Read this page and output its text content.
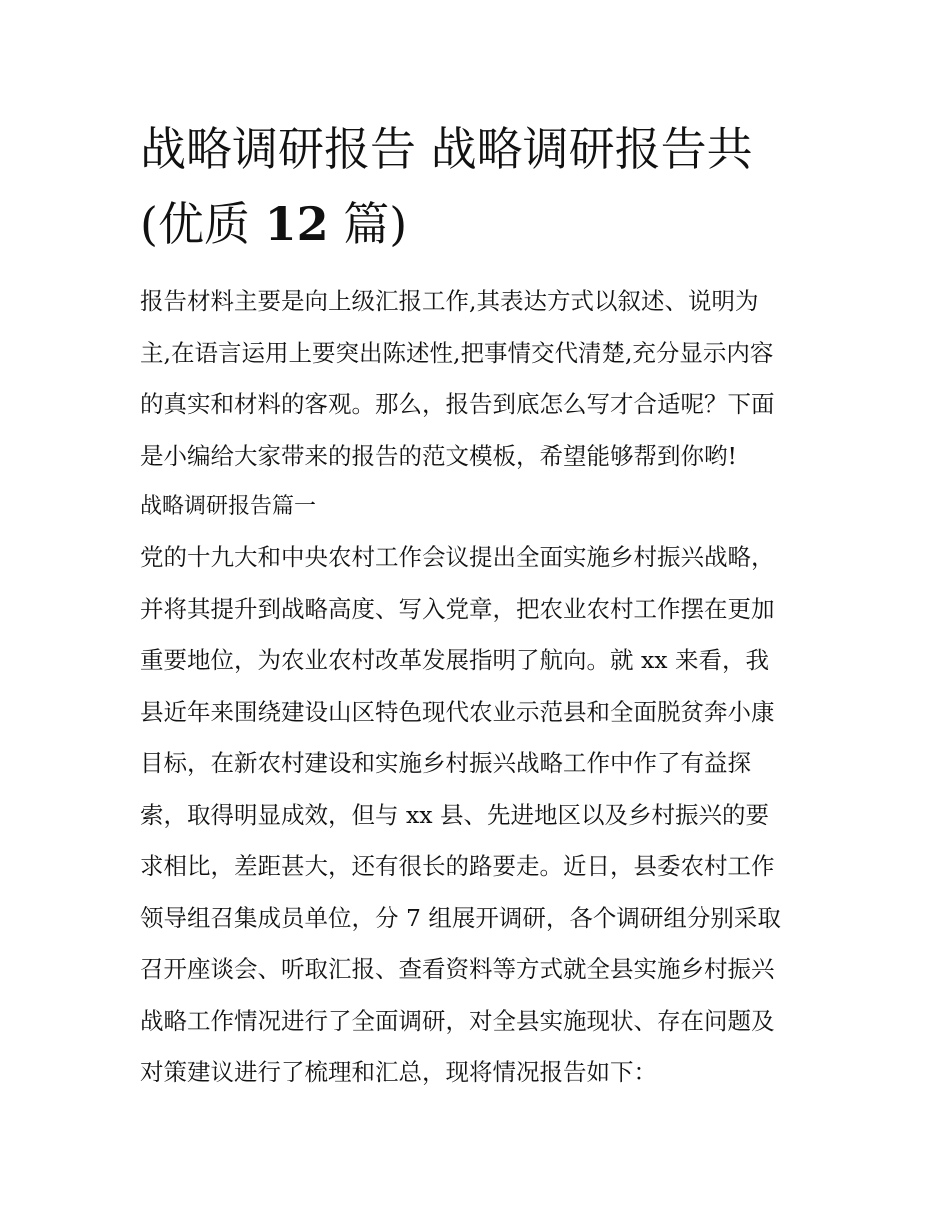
战略调研报告 战略调研报告共
(优质 12 篇)
报告材料主要是向上级汇报工作,其表达方式以叙述、说明为
主,在语言运用上要突出陈述性,把事情交代清楚,充分显示内容
的真实和材料的客观。那么，报告到底怎么写才合适呢？下面
是小编给大家带来的报告的范文模板，希望能够帮到你哟!
战略调研报告篇一
党的十九大和中央农村工作会议提出全面实施乡村振兴战略，
并将其提升到战略高度、写入党章，把农业农村工作摆在更加
重要地位，为农业农村改革发展指明了航向。就 xx 来看，我
县近年来围绕建设山区特色现代农业示范县和全面脱贫奔小康
目标，在新农村建设和实施乡村振兴战略工作中作了有益探
索，取得明显成效，但与 xx 县、先进地区以及乡村振兴的要
求相比，差距甚大，还有很长的路要走。近日，县委农村工作
领导组召集成员单位，分 7 组展开调研，各个调研组分别采取
召开座谈会、听取汇报、查看资料等方式就全县实施乡村振兴
战略工作情况进行了全面调研，对全县实施现状、存在问题及
对策建议进行了梳理和汇总，现将情况报告如下：
